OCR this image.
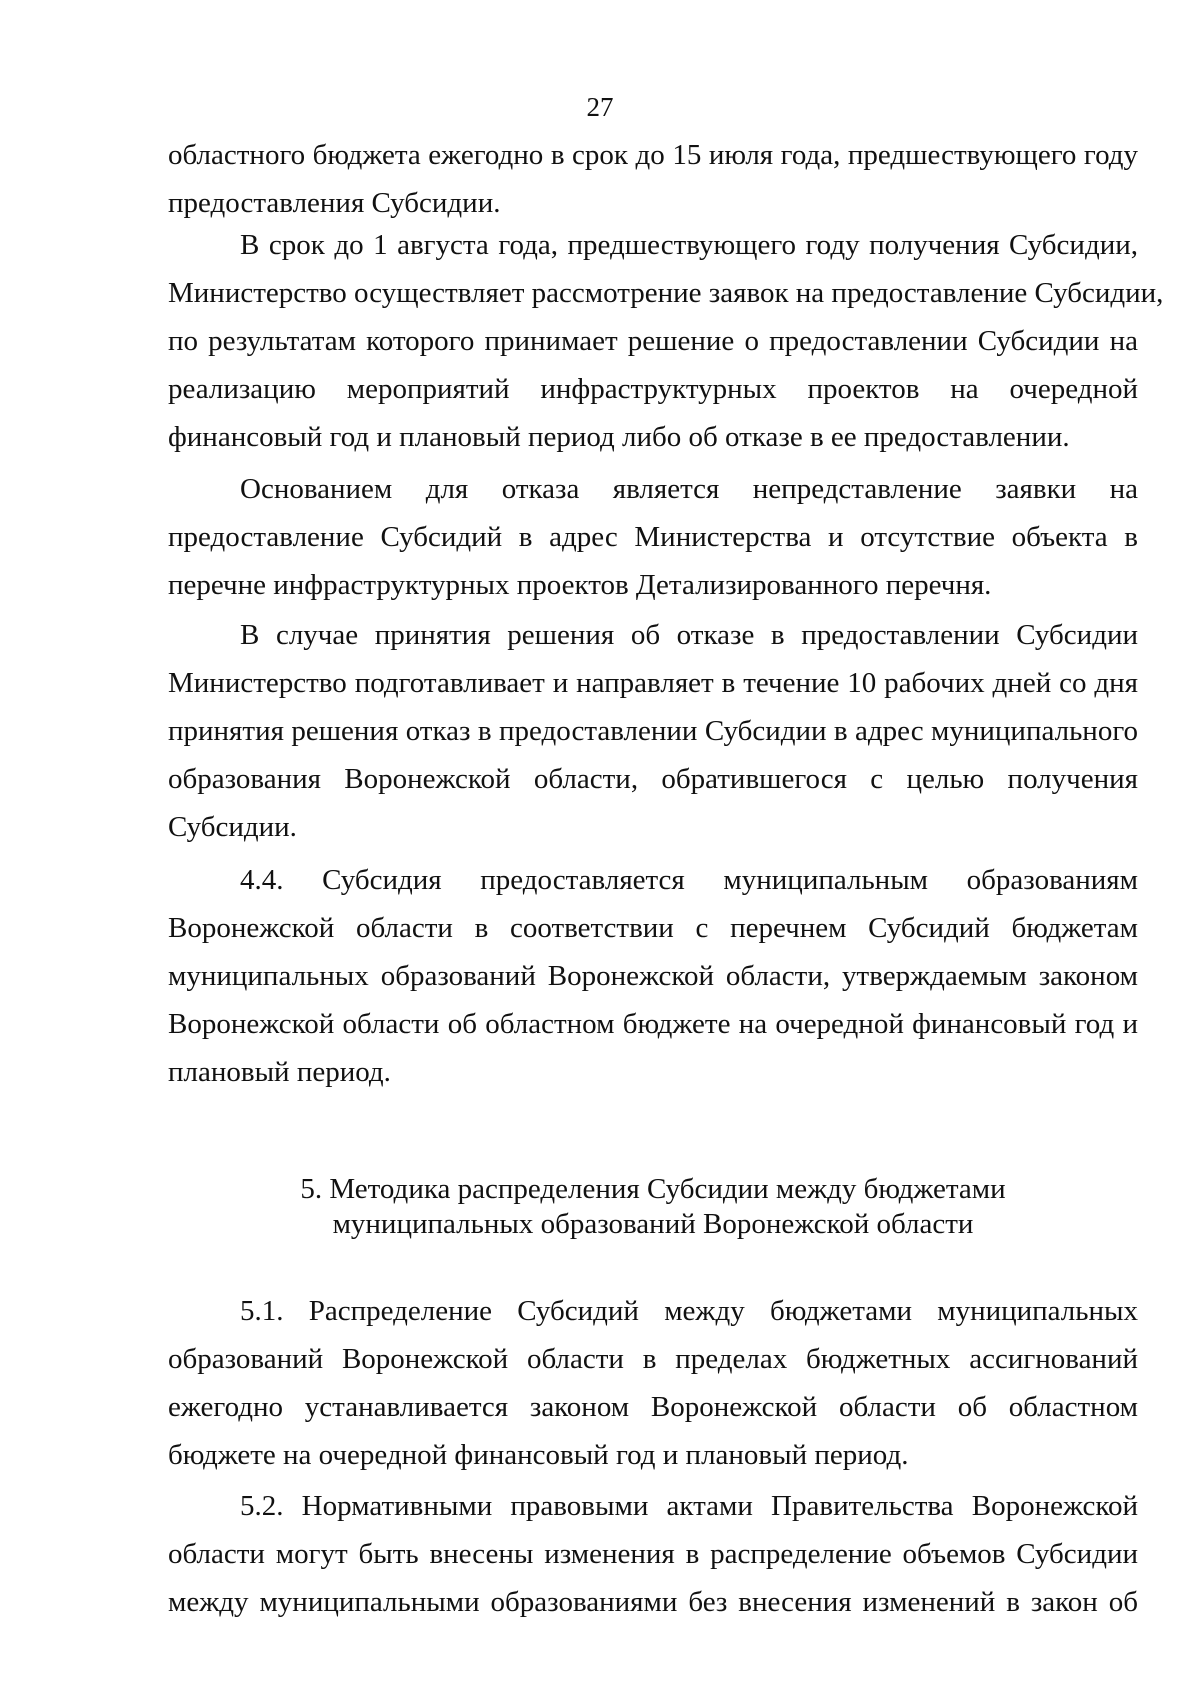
27
областного бюджета ежегодно в срок до 15 июля года, предшествующего году
предоставления Субсидии.
В срок до 1 августа года, предшествующего году получения Субсидии,
Министерство осуществляет рассмотрение заявок на предоставление Субсидии,
по результатам которого принимает решение о предоставлении Субсидии на
реализацию мероприятий инфраструктурных проектов на очередной
финансовый год и плановый период либо об отказе в ее предоставлении.
Основанием для отказа является непредставление заявки на
предоставление Субсидий в адрес Министерства и отсутствие объекта в
перечне инфраструктурных проектов Детализированного перечня.
В случае принятия решения об отказе в предоставлении Субсидии
Министерство подготавливает и направляет в течение 10 рабочих дней со дня
принятия решения отказ в предоставлении Субсидии в адрес муниципального
образования Воронежской области, обратившегося с целью получения
Субсидии.
4.4. Субсидия предоставляется муниципальным образованиям
Воронежской области в соответствии с перечнем Субсидий бюджетам
муниципальных образований Воронежской области, утверждаемым законом
Воронежской области об областном бюджете на очередной финансовый год и
плановый период.
5. Методика распределения Субсидии между бюджетами
муниципальных образований Воронежской области
5.1. Распределение Субсидий между бюджетами муниципальных
образований Воронежской области в пределах бюджетных ассигнований
ежегодно устанавливается законом Воронежской области об областном
бюджете на очередной финансовый год и плановый период.
5.2. Нормативными правовыми актами Правительства Воронежской
области могут быть внесены изменения в распределение объемов Субсидии
между муниципальными образованиями без внесения изменений в закон об
